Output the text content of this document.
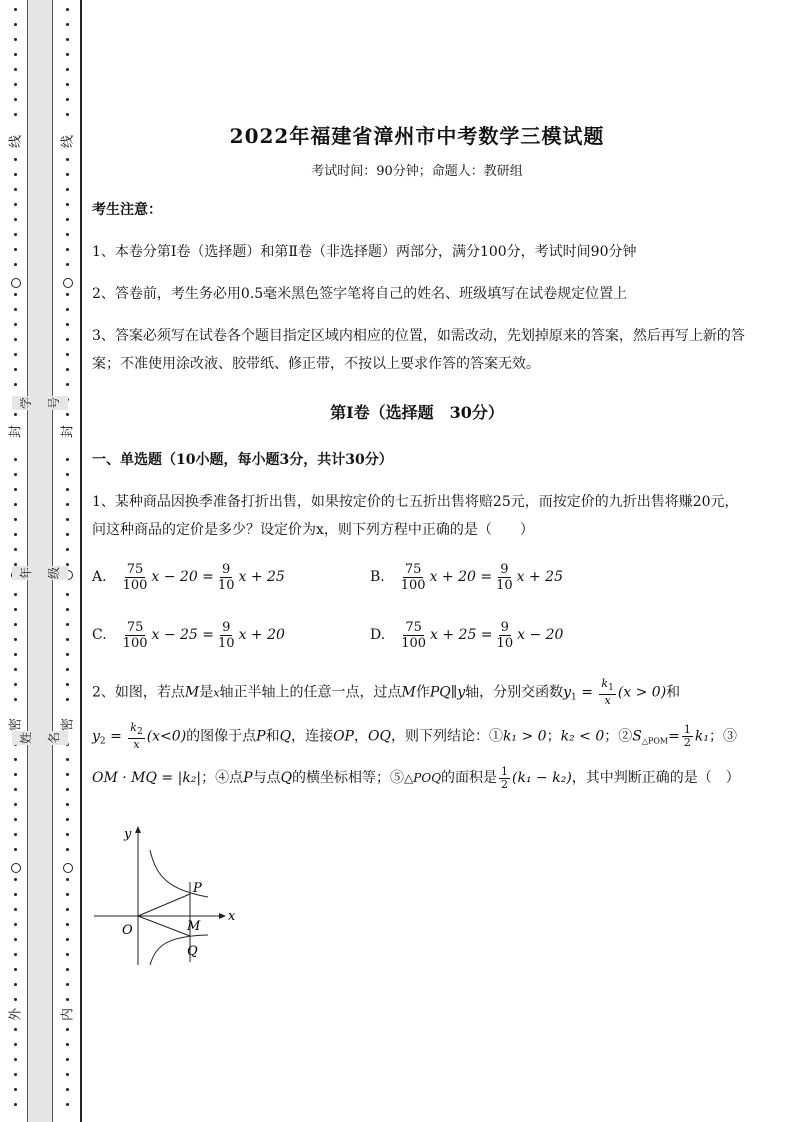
线
封
密
外
线
封
密
内
学号
年级
姓名
2022年福建省漳州市中考数学三模试题
考试时间：90分钟；命题人：教研组
考生注意：
1、本卷分第Ⅰ卷（选择题）和第Ⅱ卷（非选择题）两部分，满分100分，考试时间90分钟
2、答卷前，考生务必用0.5毫米黑色签字笔将自己的姓名、班级填写在试卷规定位置上
3、答案必须写在试卷各个题目指定区域内相应的位置，如需改动，先划掉原来的答案，然后再写上新的答案；不准使用涂改液、胶带纸、修正带，不按以上要求作答的答案无效。
第Ⅰ卷（选择题　30分）
一、单选题（10小题，每小题3分，共计30分）
1、某种商品因换季准备打折出售，如果按定价的七五折出售将赔25元，而按定价的九折出售将赚20元，问这种商品的定价是多少？设定价为x，则下列方程中正确的是（　　）
A. $\frac{75}{100}$ $x - 20 = \frac{9}{10}$ x + 25	B. $\frac{75}{100}$ $x + 20 = \frac{9}{10}$ x + 25
C. $\frac{75}{100}$ $x - 25 = \frac{9}{10}$ x + 20	D. $\frac{75}{100}$ $x + 25 = \frac{9}{10}$ x − 20
2、如图，若点M是x轴正半轴上的任意一点，过点M作PQ∥y轴，分别交函数$y_1 = \frac{k_1}{x} (x > 0)$和
$y_2 = \frac{k_2}{x} (x<0)$的图像于点P和Q，连接OP，OQ，则下列结论：①k₁ > 0；k₂ < 0；$②S_{\triangle POM}= \frac{1}{2} k_1$；③
OM · MQ = |k₂|；④点P与点Q的横坐标相等；⑤△POQ的面积是 $\frac{1}{2} (k_1 - k_2)$，其中判断正确的是（　）
y
x
O
P
M
Q
